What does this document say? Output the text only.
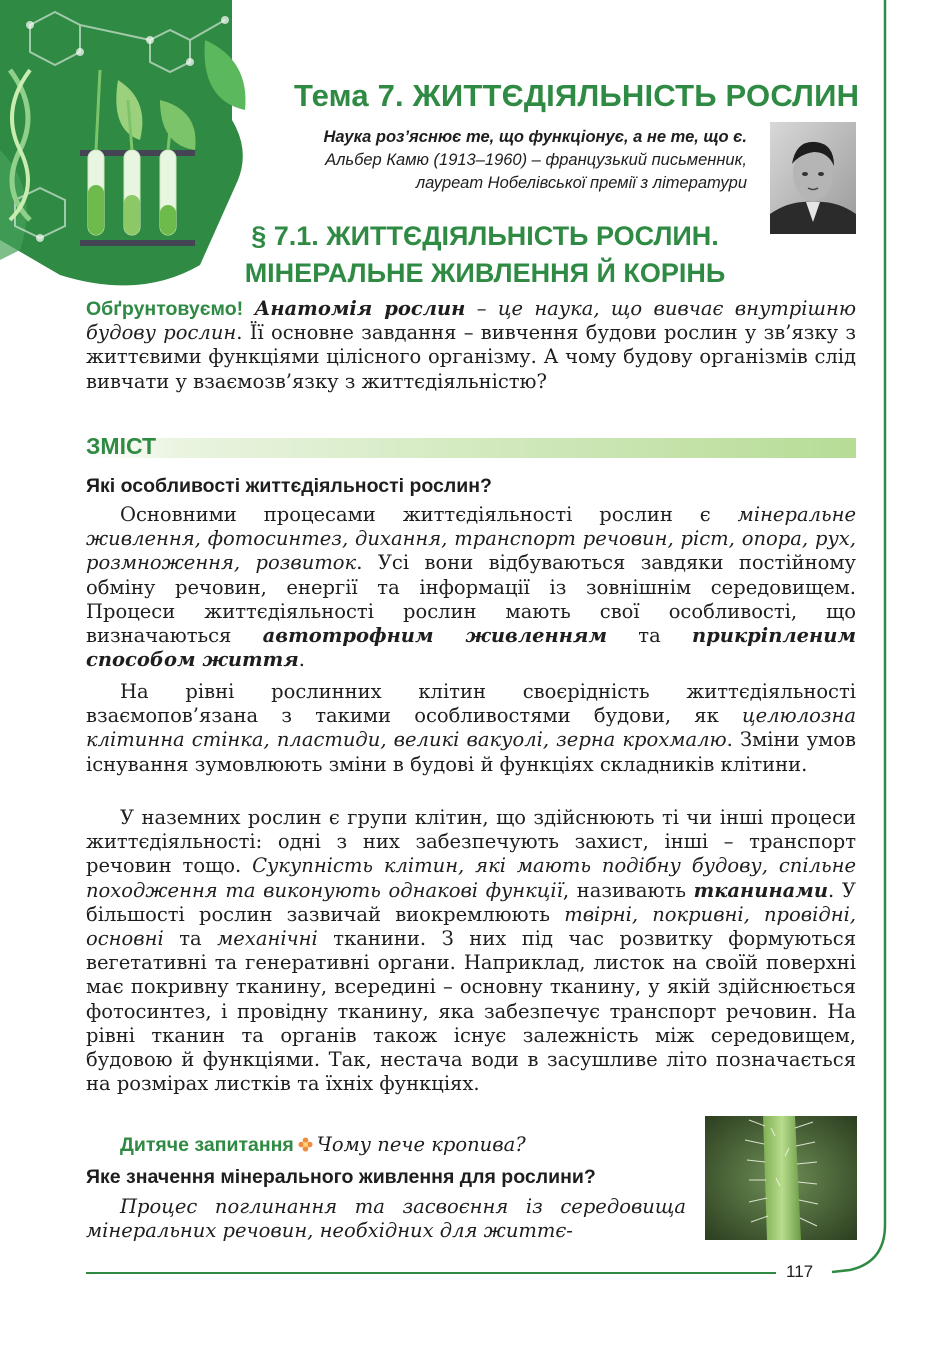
Тема 7. ЖИТТЄДІЯЛЬНІСТЬ РОСЛИН
Наука роз’яснює те, що функціонує, а не те, що є.
Альбер Камю (1913–1960) – французький письменник,
лауреат Нобелівської премії з літератури
§ 7.1. ЖИТТЄДІЯЛЬНІСТЬ РОСЛИН.
МІНЕРАЛЬНЕ ЖИВЛЕННЯ Й КОРІНЬ
Обґрунтовуємо! Анатомія рослин – це наука, що вивчає внутрішню будову рослин. Її основне завдання – вивчення будови рослин у зв’язку з життєвими функціями цілісного організму. А чому будову організмів слід вивчати у взаємозв’язку з життєдіяльністю?
ЗМІСТ
Які особливості життєдіяльності рослин?
Основними процесами життєдіяльності рослин є мінеральне живлення, фотосинтез, дихання, транспорт речовин, ріст, опора, рух, розмноження, розвиток. Усі вони відбуваються завдяки постійному обміну речовин, енергії та інформації із зовнішнім середовищем. Процеси життєдіяльності рослин мають свої особливості, що визначаються автотрофним живленням та прикріпленим способом життя.
На рівні рослинних клітин своєрідність життєдіяльності взаємопов’язана з такими особливостями будови, як целюлозна клітинна стінка, пластиди, великі вакуолі, зерна крохмалю. Зміни умов існування зумовлюють зміни в будові й функціях складників клітини.
У наземних рослин є групи клітин, що здійснюють ті чи інші процеси життєдіяльності: одні з них забезпечують захист, інші – транспорт речовин тощо. Сукупність клітин, які мають подібну будову, спільне походження та виконують однакові функції, називають тканинами. У більшості рослин зазвичай виокремлюють твірні, покривні, провідні, основні та механічні тканини. З них під час розвитку формуються вегетативні та генеративні органи. Наприклад, листок на своїй поверхні має покривну тканину, всередині – основну тканину, у якій здійснюється фотосинтез, і провідну тканину, яка забезпечує транспорт речовин. На рівні тканин та органів також існує залежність між середовищем, будовою й функціями. Так, нестача води в засушливе літо позначається на розмірах листків та їхніх функціях.
Дитяче запитання Чому пече кропива?
Яке значення мінерального живлення для рослини?
Процес поглинання та засвоєння із середовища мінеральних речовин, необхідних для життє-
117
